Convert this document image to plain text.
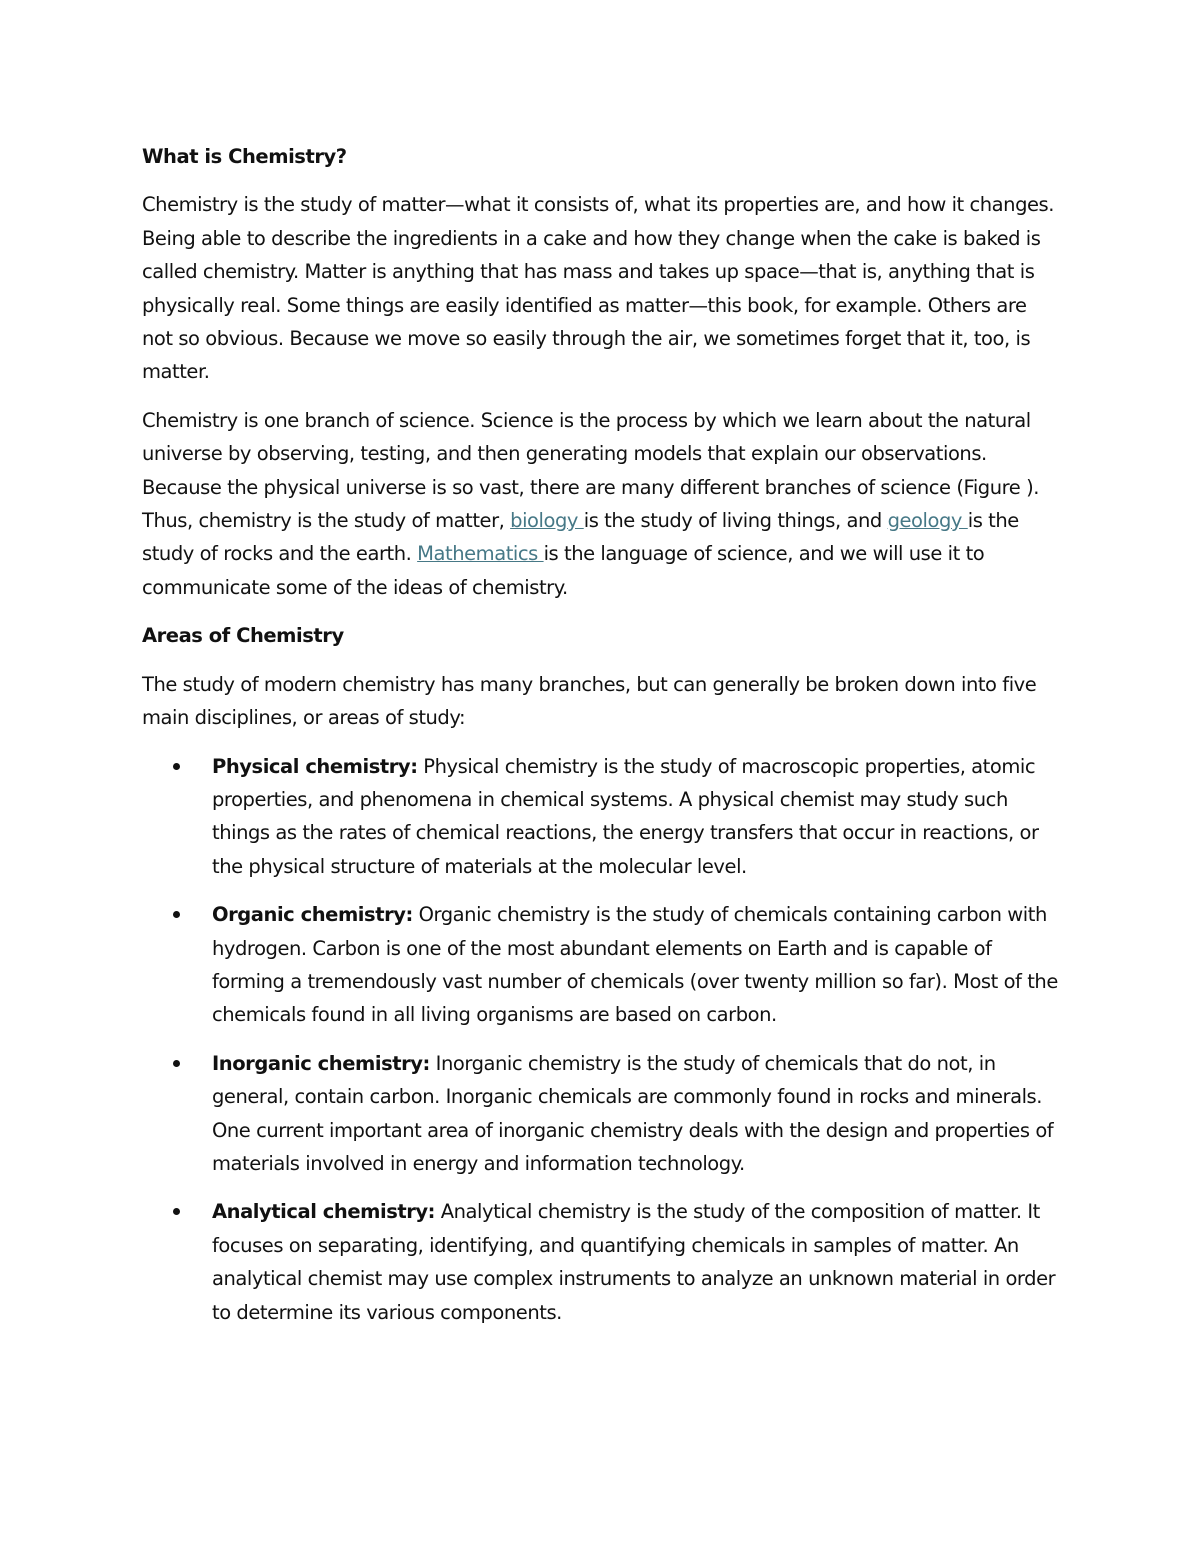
What is Chemistry?

Chemistry is the study of matter—what it consists of, what its properties are, and how it changes. Being able to describe the ingredients in a cake and how they change when the cake is baked is called chemistry. Matter is anything that has mass and takes up space—that is, anything that is physically real. Some things are easily identified as matter—this book, for example. Others are not so obvious. Because we move so easily through the air, we sometimes forget that it, too, is matter.

Chemistry is one branch of science. Science is the process by which we learn about the natural universe by observing, testing, and then generating models that explain our observations. Because the physical universe is so vast, there are many different branches of science (Figure ). Thus, chemistry is the study of matter, biology is the study of living things, and geology is the study of rocks and the earth. Mathematics is the language of science, and we will use it to communicate some of the ideas of chemistry.

Areas of Chemistry

The study of modern chemistry has many branches, but can generally be broken down into five main disciplines, or areas of study:

Physical chemistry: Physical chemistry is the study of macroscopic properties, atomic properties, and phenomena in chemical systems. A physical chemist may study such things as the rates of chemical reactions, the energy transfers that occur in reactions, or the physical structure of materials at the molecular level.
Organic chemistry: Organic chemistry is the study of chemicals containing carbon with hydrogen. Carbon is one of the most abundant elements on Earth and is capable of forming a tremendously vast number of chemicals (over twenty million so far). Most of the chemicals found in all living organisms are based on carbon.
Inorganic chemistry: Inorganic chemistry is the study of chemicals that do not, in general, contain carbon. Inorganic chemicals are commonly found in rocks and minerals. One current important area of inorganic chemistry deals with the design and properties of materials involved in energy and information technology.
Analytical chemistry: Analytical chemistry is the study of the composition of matter. It focuses on separating, identifying, and quantifying chemicals in samples of matter. An analytical chemist may use complex instruments to analyze an unknown material in order to determine its various components.
